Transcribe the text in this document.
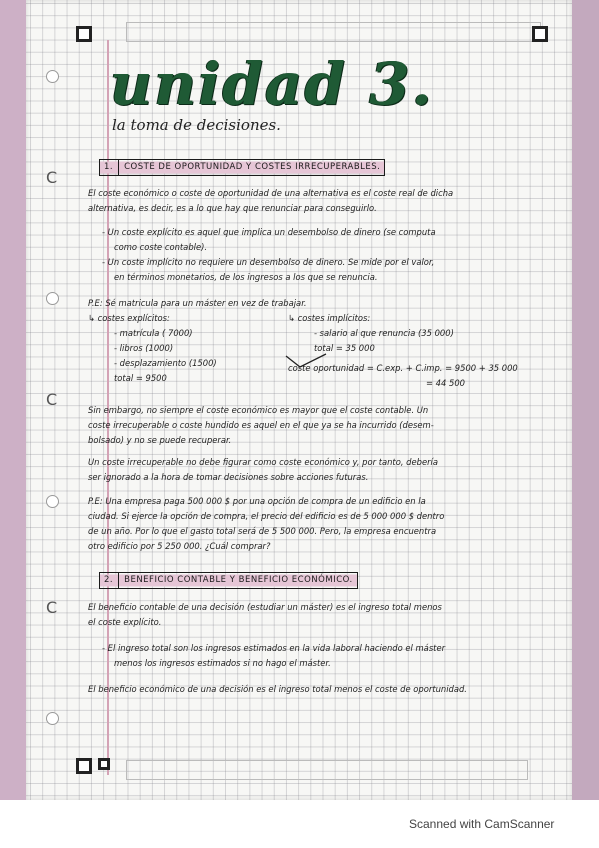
C
C
C
unidad 3.
la toma de decisiones.
1. COSTE DE OPORTUNIDAD Y COSTES IRRECUPERABLES.
El coste económico o coste de oportunidad de una alternativa es el coste real de dicha
alternativa, es decir, es a lo que hay que renunciar para conseguirlo.
- Un coste explícito es aquel que implica un desembolso de dinero (se computa
como coste contable).
- Un coste implícito no requiere un desembolso de dinero. Se mide por el valor,
en términos monetarios, de los ingresos a los que se renuncia.
P.E: Sé matricula para un máster en vez de trabajar.
↳ costes explícitos:
- matrícula ( 7000)
- libros (1000)
- desplazamiento (1500)
total = 9500
↳ costes implícitos:
- salario al que renuncia (35 000)
total = 35 000
coste oportunidad = C.exp. + C.imp. = 9500 + 35 000
= 44 500
Sin embargo, no siempre el coste económico es mayor que el coste contable. Un
coste irrecuperable o coste hundido es aquel en el que ya se ha incurrido (desem-
bolsado) y no se puede recuperar.
Un coste irrecuperable no debe figurar como coste económico y, por tanto, debería
ser ignorado a la hora de tomar decisiones sobre acciones futuras.
P.E: Una empresa paga 500 000 $ por una opción de compra de un edificio en la
ciudad. Si ejerce la opción de compra, el precio del edificio es de 5 000 000 $ dentro
de un año. Por lo que el gasto total será de 5 500 000. Pero, la empresa encuentra
otro edificio por 5 250 000. ¿Cuál comprar?
2. BENEFICIO CONTABLE Y BENEFICIO ECONÓMICO.
El beneficio contable de una decisión (estudiar un máster) es el ingreso total menos
el coste explícito.
- El ingreso total son los ingresos estimados en la vida laboral haciendo el máster
menos los ingresos estimados si no hago el máster.
El beneficio económico de una decisión es el ingreso total menos el coste de oportunidad.
Scanned with CamScanner
